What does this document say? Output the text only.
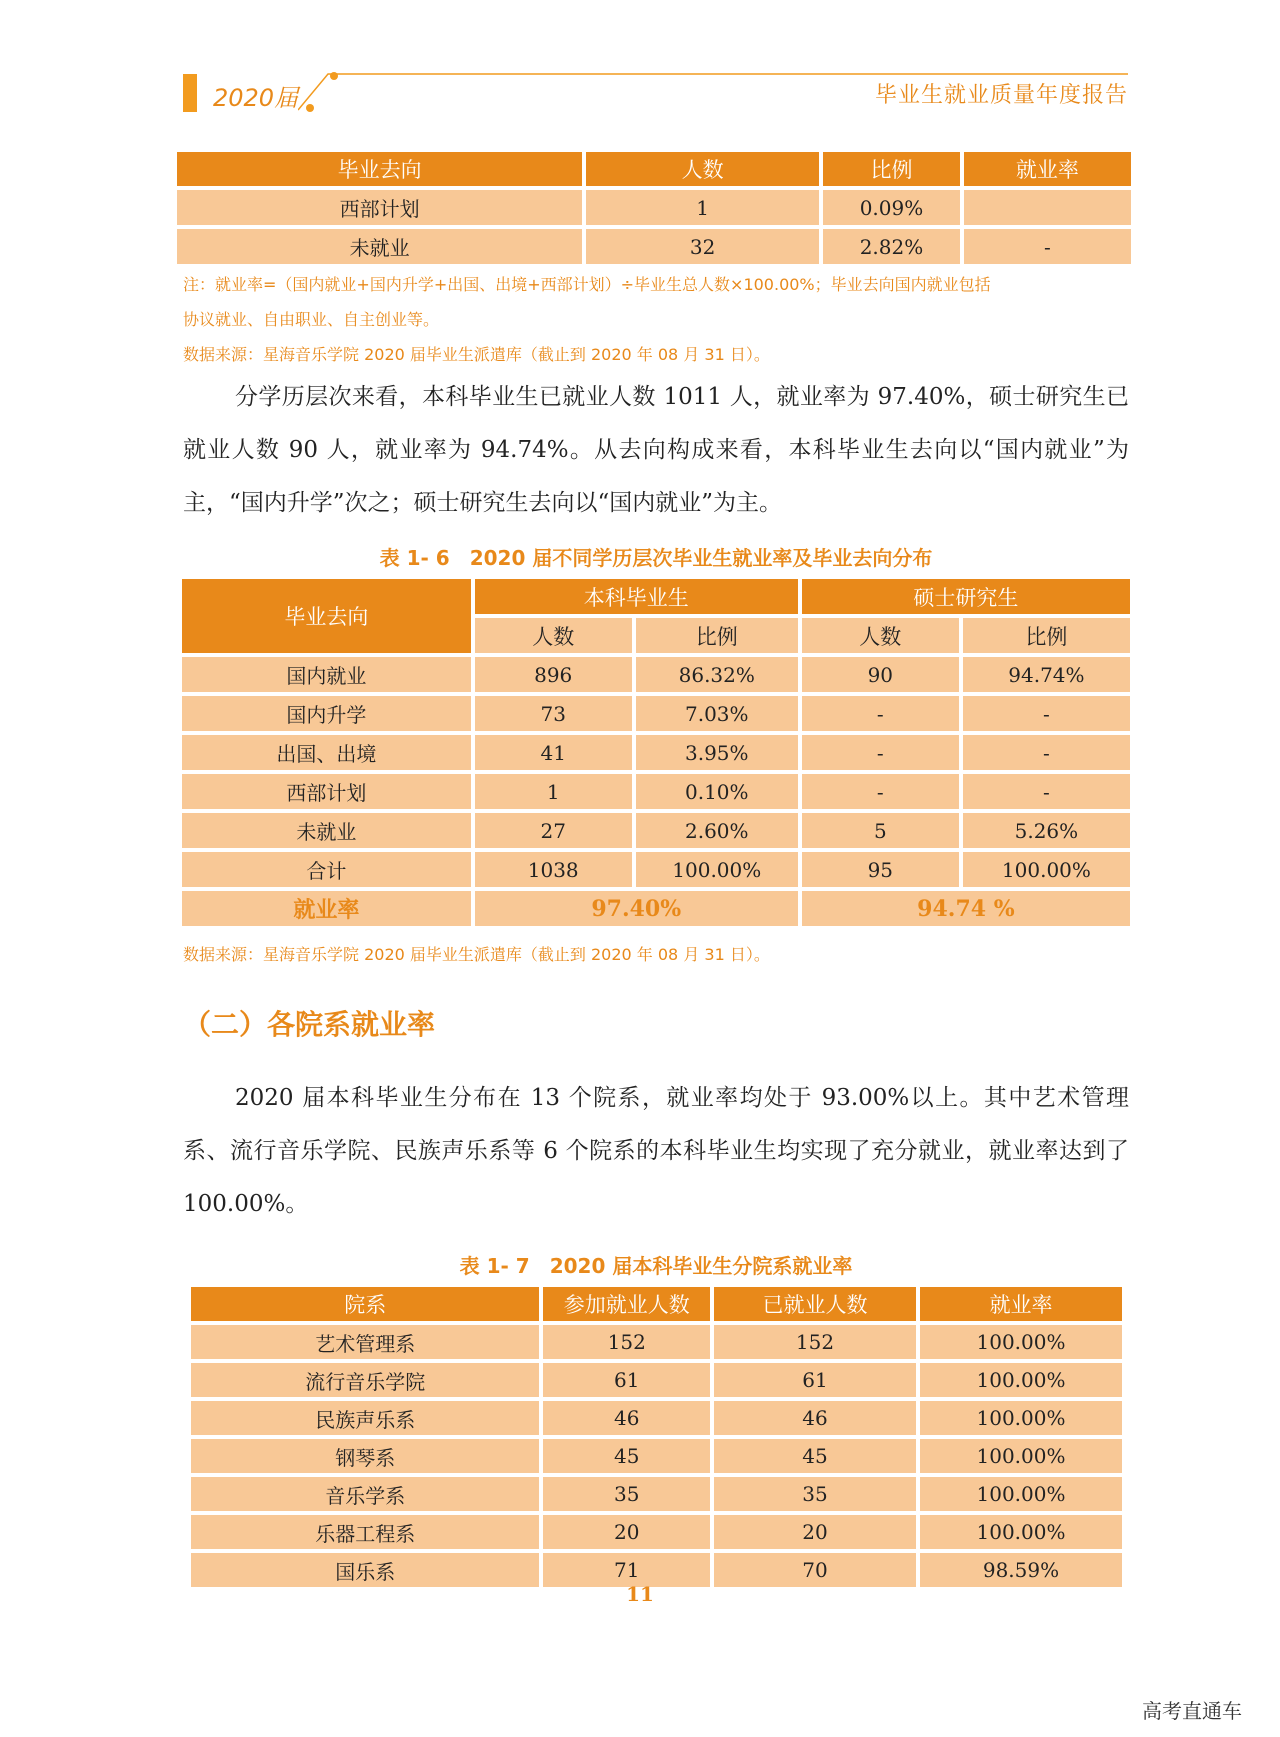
2020届	毕业生就业质量年度报告
毕业去向	人数	比例	就业率
西部计划	1	0.09%	
未就业	32	2.82%	-
注：就业率=（国内就业+国内升学+出国、出境+西部计划）÷毕业生总人数×100.00%；毕业去向国内就业包括
协议就业、自由职业、自主创业等。
数据来源：星海音乐学院 2020 届毕业生派遣库（截止到 2020 年 08 月 31 日）。
分学历层次来看，本科毕业生已就业人数 1011 人，就业率为 97.40%，硕士研究生已就业人数 90 人，就业率为 94.74%。从去向构成来看，本科毕业生去向以“国内就业”为主，“国内升学”次之；硕士研究生去向以“国内就业”为主。
表 1- 6　2020 届不同学历层次毕业生就业率及毕业去向分布
毕业去向	本科毕业生		硕士研究生	
	人数	比例	人数	比例
国内就业	896	86.32%	90	94.74%
国内升学	73	7.03%	-	-
出国、出境	41	3.95%	-	-
西部计划	1	0.10%	-	-
未就业	27	2.60%	5	5.26%
合计	1038	100.00%	95	100.00%
就业率	97.40%		94.74 %	
数据来源：星海音乐学院 2020 届毕业生派遣库（截止到 2020 年 08 月 31 日）。
（二）各院系就业率
2020 届本科毕业生分布在 13 个院系，就业率均处于 93.00%以上。其中艺术管理系、流行音乐学院、民族声乐系等 6 个院系的本科毕业生均实现了充分就业，就业率达到了 100.00%。
表 1- 7　2020 届本科毕业生分院系就业率
院系	参加就业人数	已就业人数	就业率
艺术管理系	152	152	100.00%
流行音乐学院	61	61	100.00%
民族声乐系	46	46	100.00%
钢琴系	45	45	100.00%
音乐学系	35	35	100.00%
乐器工程系	20	20	100.00%
国乐系	71	70	98.59%
11
高考直通车
